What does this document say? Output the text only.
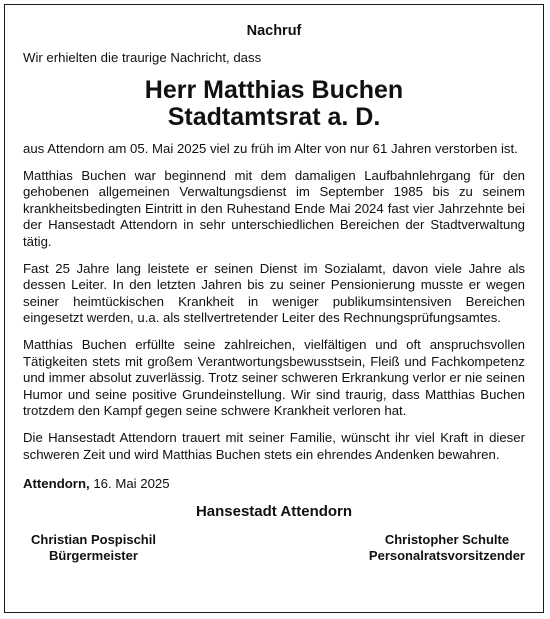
Nachruf
Wir erhielten die traurige Nachricht, dass
Herr Matthias Buchen
Stadtamtsrat a. D.

aus Attendorn am 05. Mai 2025 viel zu früh im Alter von nur 61 Jahren verstorben ist.

Matthias Buchen war beginnend mit dem damaligen Laufbahnlehrgang für den gehobenen allgemeinen Verwaltungsdienst im September 1985 bis zu seinem krankheitsbedingten Eintritt in den Ruhestand Ende Mai 2024 fast vier Jahrzehnte bei der Hansestadt Attendorn in sehr unterschiedlichen Bereichen der Stadtverwaltung tätig.

Fast 25 Jahre lang leistete er seinen Dienst im Sozialamt, davon viele Jahre als dessen Leiter. In den letzten Jahren bis zu seiner Pensionierung musste er wegen seiner heimtückischen Krankheit in weniger publikumsintensiven Bereichen eingesetzt werden, u.a. als stellvertretender Leiter des Rechnungsprüfungsamtes.

Matthias Buchen erfüllte seine zahlreichen, vielfältigen und oft anspruchsvollen Tätigkeiten stets mit großem Verantwortungsbewusstsein, Fleiß und Fachkompetenz und immer absolut zuverlässig. Trotz seiner schweren Erkrankung verlor er nie seinen Humor und seine positive Grundeinstellung. Wir sind traurig, dass Matthias Buchen trotzdem den Kampf gegen seine schwere Krankheit verloren hat.

Die Hansestadt Attendorn trauert mit seiner Familie, wünscht ihr viel Kraft in dieser schweren Zeit und wird Matthias Buchen stets ein ehrendes Andenken bewahren.

Attendorn, 16. Mai 2025
Hansestadt Attendorn
Christian Pospischil
Bürgermeister
Christopher Schulte
Personalratsvorsitzender
